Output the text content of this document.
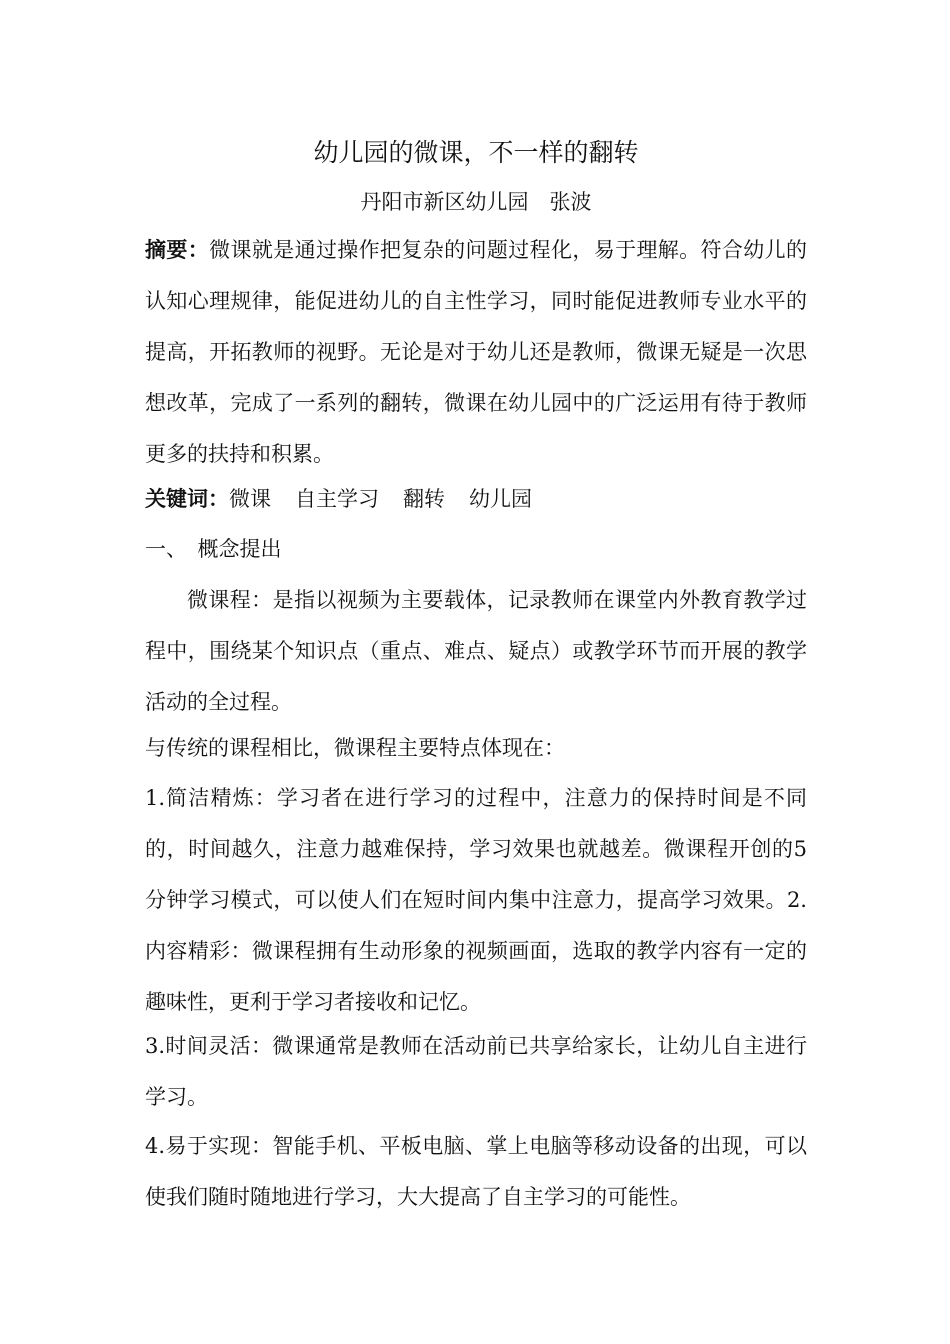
幼儿园的微课，不一样的翻转
丹阳市新区幼儿园　张波
摘要：微课就是通过操作把复杂的问题过程化，易于理解。符合幼儿的认知心理规律，能促进幼儿的自主性学习，同时能促进教师专业水平的提高，开拓教师的视野。无论是对于幼儿还是教师，微课无疑是一次思想改革，完成了一系列的翻转，微课在幼儿园中的广泛运用有待于教师更多的扶持和积累。
关键词：微课 自主学习 翻转 幼儿园
一、　概念提出
微课程：是指以视频为主要载体，记录教师在课堂内外教育教学过程中，围绕某个知识点（重点、难点、疑点）或教学环节而开展的教学活动的全过程。
与传统的课程相比，微课程主要特点体现在：
1.简洁精炼：学习者在进行学习的过程中，注意力的保持时间是不同的，时间越久，注意力越难保持，学习效果也就越差。微课程开创的5分钟学习模式，可以使人们在短时间内集中注意力，提高学习效果。2.内容精彩：微课程拥有生动形象的视频画面，选取的教学内容有一定的趣味性，更利于学习者接收和记忆。
3.时间灵活：微课通常是教师在活动前已共享给家长，让幼儿自主进行学习。
4.易于实现：智能手机、平板电脑、掌上电脑等移动设备的出现，可以使我们随时随地进行学习，大大提高了自主学习的可能性。
